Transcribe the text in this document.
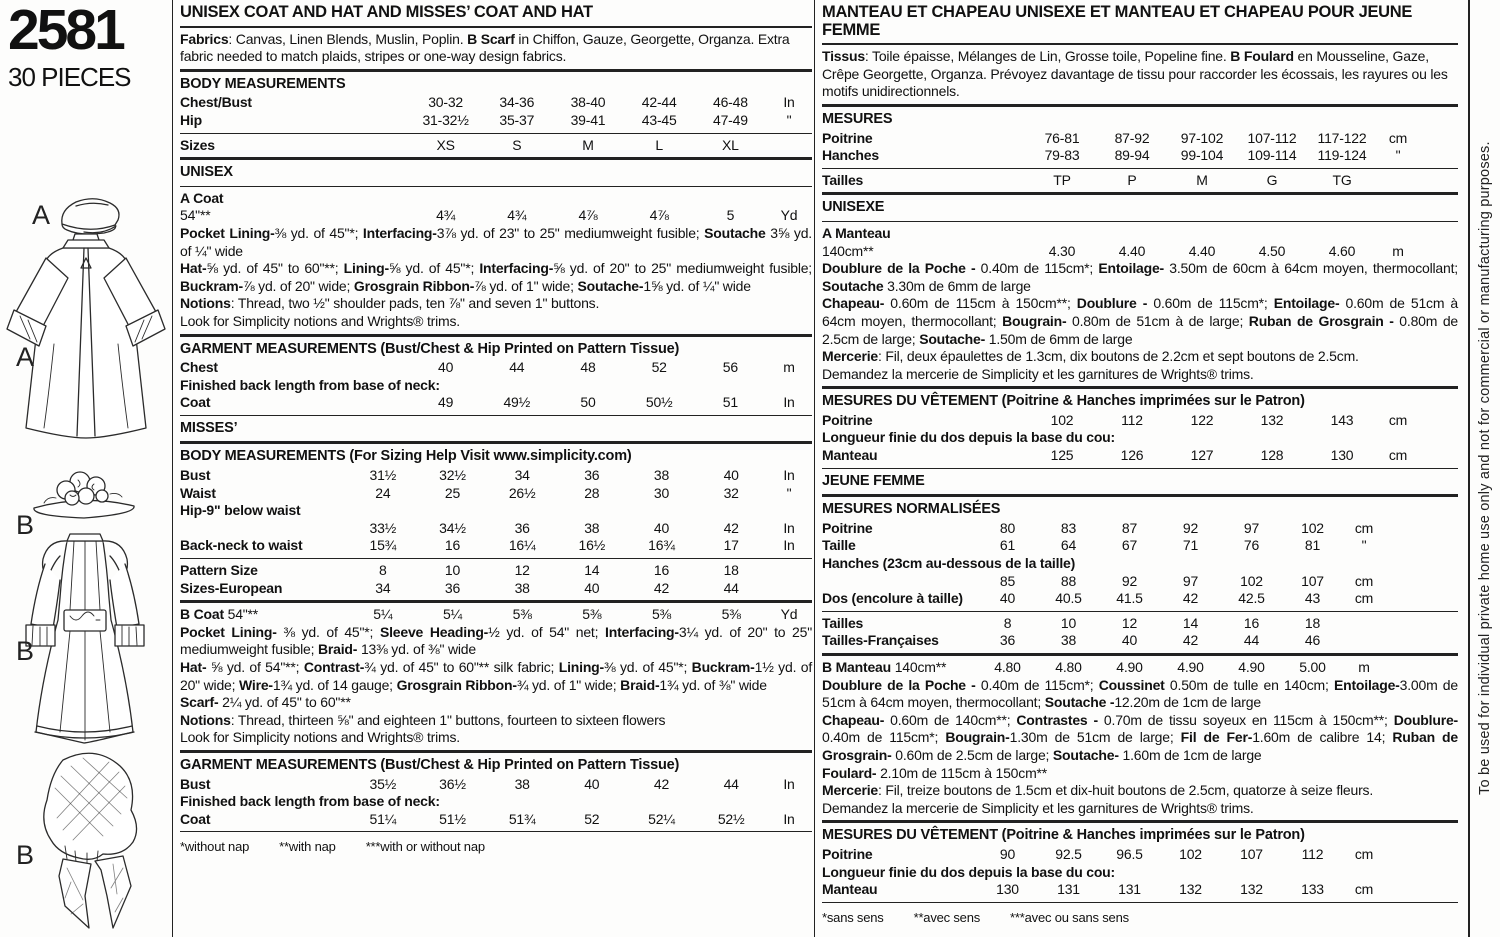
2581
30 PIECES
A
A
B
B
B
UNISEX COAT AND HAT AND MISSES’ COAT AND HAT

Fabrics: Canvas, Linen Blends, Muslin, Poplin. B Scarf in Chiffon, Gauze, Georgette, Organza. Extra fabric needed to match plaids, stripes or one-way design fabrics.

BODY MEASUREMENTS
Chest/Bust	30-32	34-36	38-40	42-44	46-48	In
Hip	31-32½	35-37	39-41	43-45	47-49	"
Sizes	XS	S	M	L	XL
UNISEX
A Coat
54"**	4¾	4¾	4⅞	4⅞	5	Yd
Pocket Lining-⅜ yd. of 45"*; Interfacing-3⅞ yd. of 23" to 25" mediumweight fusible; Soutache 3⅝ yd. of ¼" wide
Hat-⅝ yd. of 45" to 60"**; Lining-⅝ yd. of 45"*; Interfacing-⅝ yd. of 20" to 25" mediumweight fusible; Buckram-⅞ yd. of 20" wide; Grosgrain Ribbon-⅞ yd. of 1" wide; Soutache-1⅝ yd. of ¼" wide
Notions: Thread, two ½" shoulder pads, ten ⅞" and seven 1" buttons.
Look for Simplicity notions and Wrights® trims.
GARMENT MEASUREMENTS (Bust/Chest & Hip Printed on Pattern Tissue)
Chest	40	44	48	52	56	m
Finished back length from base of neck:
Coat	49	49½	50	50½	51	In
MISSES’
BODY MEASUREMENTS (For Sizing Help Visit www.simplicity.com)
Bust	31½	32½	34	36	38	40	In
Waist	24	25	26½	28	30	32	"
Hip-9" below waist
33½	34½	36	38	40	42	In
Back-neck to waist	15¾	16	16¼	16½	16¾	17	In
Pattern Size	8	10	12	14	16	18
Sizes-European	34	36	38	40	42	44
B Coat 54"**	5¼	5¼	5⅜	5⅜	5⅜	5⅜	Yd
Pocket Lining- ⅜ yd. of 45"*; Sleeve Heading-½ yd. of 54" net; Interfacing-3¼ yd. of 20" to 25" mediumweight fusible; Braid- 13⅜ yd. of ⅜" wide
Hat- ⅝ yd. of 54"**; Contrast-¾ yd. of 45" to 60"** silk fabric; Lining-⅜ yd. of 45"*; Buckram-1½ yd. of 20" wide; Wire-1¾ yd. of 14 gauge; Grosgrain Ribbon-¾ yd. of 1" wide; Braid-1¾ yd. of ⅜" wide
Scarf- 2¼ yd. of 45" to 60"**
Notions: Thread, thirteen ⅝" and eighteen 1" buttons, fourteen to sixteen flowers
Look for Simplicity notions and Wrights® trims.
GARMENT MEASUREMENTS (Bust/Chest & Hip Printed on Pattern Tissue)
Bust	35½	36½	38	40	42	44	In
Finished back length from base of neck:
Coat	51¼	51½	51¾	52	52¼	52½	In
*without nap **with nap ***with or without nap
MANTEAU ET CHAPEAU UNISEXE ET MANTEAU ET CHAPEAU POUR JEUNE FEMME

Tissus: Toile épaisse, Mélanges de Lin, Grosse toile, Popeline fine. B Foulard en Mousseline, Gaze, Crêpe Georgette, Organza. Prévoyez davantage de tissu pour raccorder les écossais, les rayures ou les motifs unidirectionnels.

MESURES
Poitrine	76-81	87-92	97-102	107-112	117-122	cm
Hanches	79-83	89-94	99-104	109-114	119-124	"
Tailles	TP	P	M	G	TG
UNISEXE
A Manteau
140cm**	4.30	4.40	4.40	4.50	4.60	m
Doublure de la Poche - 0.40m de 115cm*; Entoilage- 3.50m de 60cm à 64cm moyen, thermocollant; Soutache 3.30m de 6mm de large
Chapeau- 0.60m de 115cm à 150cm**; Doublure - 0.60m de 115cm*; Entoilage- 0.60m de 51cm à 64cm moyen, thermocollant; Bougrain- 0.80m de 51cm à de large; Ruban de Grosgrain - 0.80m de 2.5cm de large; Soutache- 1.50m de 6mm de large
Mercerie: Fil, deux épaulettes de 1.3cm, dix boutons de 2.2cm et sept boutons de 2.5cm.
Demandez la mercerie de Simplicity et les garnitures de Wrights® trims.
MESURES DU VÊTEMENT (Poitrine & Hanches imprimées sur le Patron)
Poitrine	102	112	122	132	143	cm
Longueur finie du dos depuis la base du cou:
Manteau	125	126	127	128	130	cm
JEUNE FEMME
MESURES NORMALISÉES
Poitrine	80	83	87	92	97	102	cm
Taille	61	64	67	71	76	81	"
Hanches (23cm au-dessous de la taille)
85	88	92	97	102	107	cm
Dos (encolure à taille)	40	40.5	41.5	42	42.5	43	cm
Tailles	8	10	12	14	16	18
Tailles-Françaises	36	38	40	42	44	46
B Manteau 140cm**	4.80	4.80	4.90	4.90	4.90	5.00	m
Doublure de la Poche - 0.40m de 115cm*; Coussinet 0.50m de tulle en 140cm; Entoilage-3.00m de 51cm à 64cm moyen, thermocollant; Soutache -12.20m de 1cm de large
Chapeau- 0.60m de 140cm**; Contrastes - 0.70m de tissu soyeux en 115cm à 150cm**; Doublure-0.40m de 115cm*; Bougrain-1.30m de 51cm de large; Fil de Fer-1.60m de calibre 14; Ruban de Grosgrain- 0.60m de 2.5cm de large; Soutache- 1.60m de 1cm de large
Foulard- 2.10m de 115cm à 150cm**
Mercerie: Fil, treize boutons de 1.5cm et dix-huit boutons de 2.5cm, quatorze à seize fleurs.
Demandez la mercerie de Simplicity et les garnitures de Wrights® trims.
MESURES DU VÊTEMENT (Poitrine & Hanches imprimées sur le Patron)
Poitrine	90	92.5	96.5	102	107	112	cm
Longueur finie du dos depuis la base du cou:
Manteau	130	131	131	132	132	133	cm
*sans sens **avec sens ***avec ou sans sens
To be used for individual private home use only and not for commercial or manufacturing purposes.
